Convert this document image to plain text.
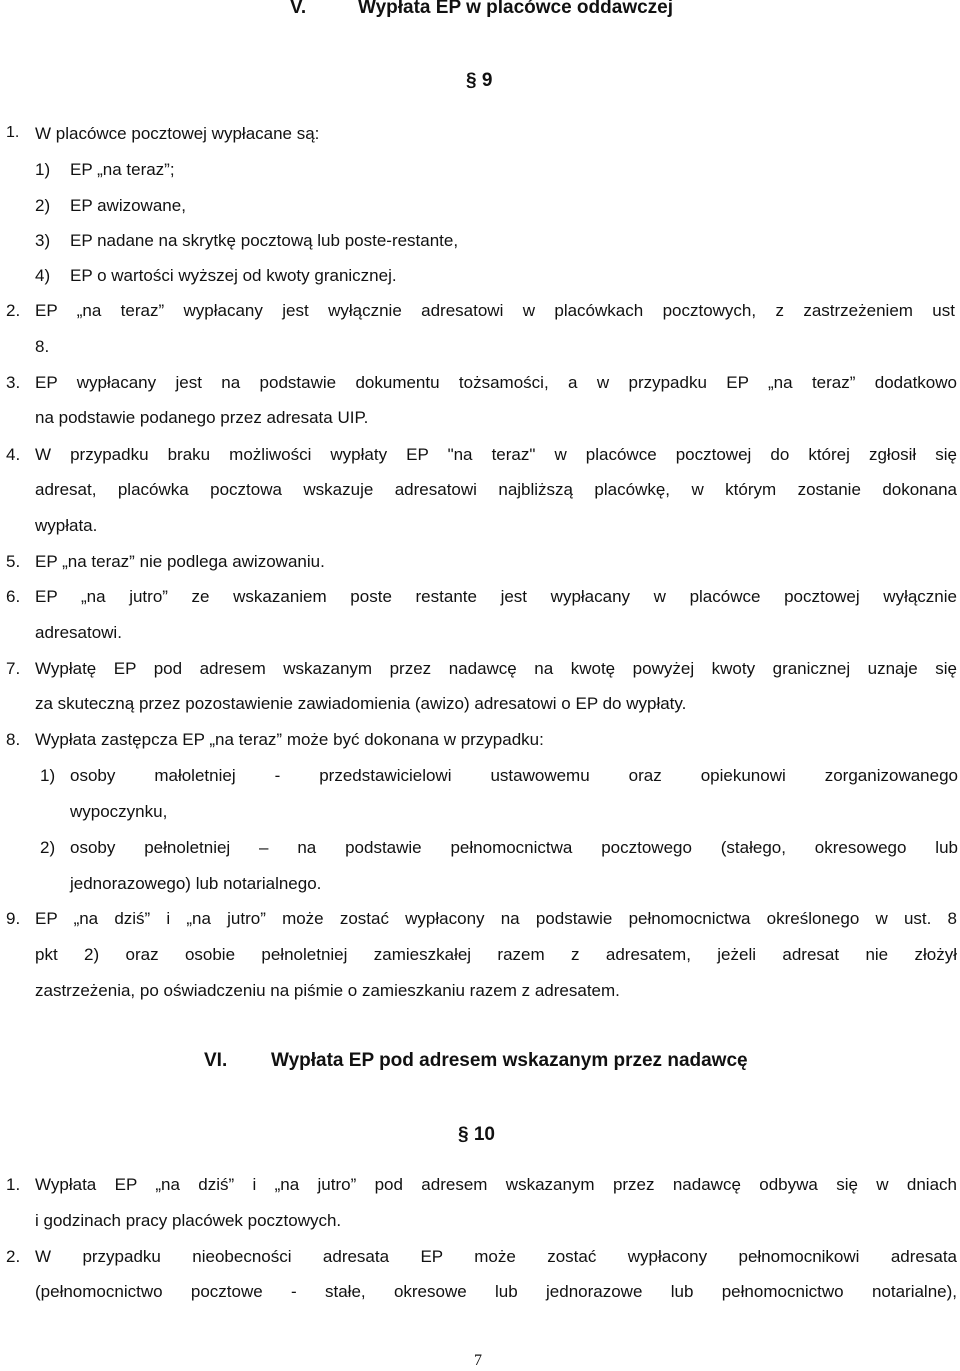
V.	Wypłata EP w placówce oddawczej
§ 9
1. W placówce pocztowej wypłacane są:
1) EP „na teraz”;
2) EP awizowane,
3) EP nadane na skrytkę pocztową lub poste-restante,
4) EP o wartości wyższej od kwoty granicznej.
2. EP „na teraz” wypłacany jest wyłącznie adresatowi w placówkach pocztowych, z zastrzeżeniem ust
8.
3. EP wypłacany jest na podstawie dokumentu tożsamości, a w przypadku EP „na teraz” dodatkowo
na podstawie podanego przez adresata UIP.
4. W przypadku braku możliwości wypłaty EP "na teraz" w placówce pocztowej do której zgłosił się
adresat, placówka pocztowa wskazuje adresatowi najbliższą placówkę, w którym zostanie dokonana
wypłata.
5. EP „na teraz” nie podlega awizowaniu.
6. EP „na jutro” ze wskazaniem poste restante jest wypłacany w placówce pocztowej wyłącznie
adresatowi.
7. Wypłatę EP pod adresem wskazanym przez nadawcę na kwotę powyżej kwoty granicznej uznaje się
za skuteczną przez pozostawienie zawiadomienia (awizo) adresatowi o EP do wypłaty.
8. Wypłata zastępcza EP „na teraz” może być dokonana w przypadku:
1) osoby małoletniej - przedstawicielowi ustawowemu oraz opiekunowi zorganizowanego
wypoczynku,
2) osoby pełnoletniej – na podstawie pełnomocnictwa pocztowego (stałego, okresowego lub
jednorazowego) lub notarialnego.
9. EP „na dziś” i „na jutro” może zostać wypłacony na podstawie pełnomocnictwa określonego w ust. 8
pkt 2) oraz osobie pełnoletniej zamieszkałej razem z adresatem, jeżeli adresat nie złożył
zastrzeżenia, po oświadczeniu na piśmie o zamieszkaniu razem z adresatem.
VI. Wypłata EP pod adresem wskazanym przez nadawcę
§ 10
1. Wypłata EP „na dziś” i „na jutro” pod adresem wskazanym przez nadawcę odbywa się w dniach
i godzinach pracy placówek pocztowych.
2. W przypadku nieobecności adresata EP może zostać wypłacony pełnomocnikowi adresata
(pełnomocnictwo pocztowe - stałe, okresowe lub jednorazowe lub pełnomocnictwo notarialne),
7
